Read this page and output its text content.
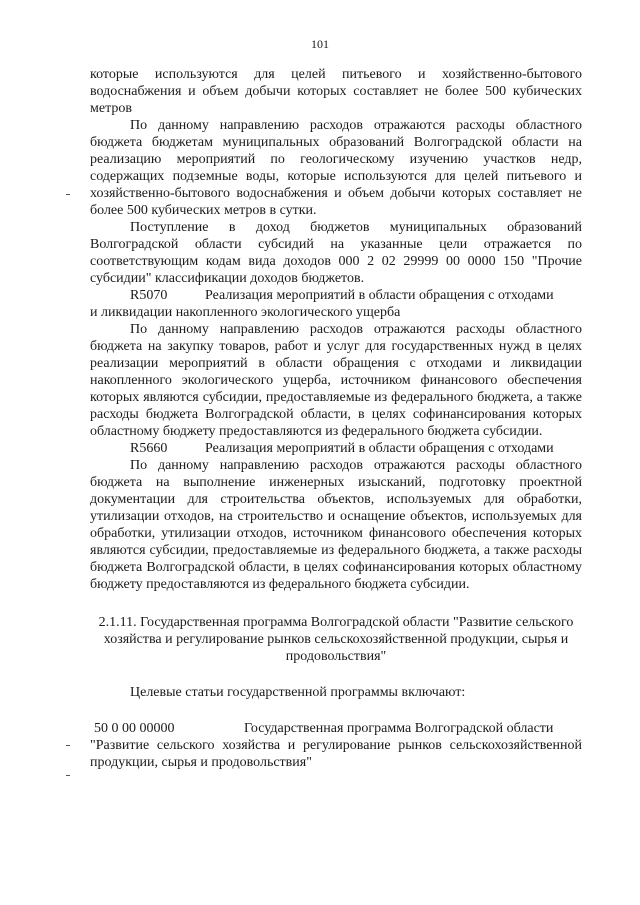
101

которые используются для целей питьевого и хозяйственно-бытового водоснабжения и объем добычи которых составляет не более 500 кубических метров

По данному направлению расходов отражаются расходы областного бюджета бюджетам муниципальных образований Волгоградской области на реализацию мероприятий по геологическому изучению участков недр, содержащих подземные воды, которые используются для целей питьевого и хозяйственно-бытового водоснабжения и объем добычи которых составляет не более 500 кубических метров в сутки.

Поступление в доход бюджетов муниципальных образований Волгоградской области субсидий на указанные цели отражается по соответствующим кодам вида доходов 000 2 02 29999 00 0000 150 "Прочие субсидии" классификации доходов бюджетов.

R5070	Реализация мероприятий в области обращения с отходами

и ликвидации накопленного экологического ущерба

По данному направлению расходов отражаются расходы областного бюджета на закупку товаров, работ и услуг для государственных нужд в целях реализации мероприятий в области обращения с отходами и ликвидации накопленного экологического ущерба, источником финансового обеспечения которых являются субсидии, предоставляемые из федерального бюджета, а также расходы бюджета Волгоградской области, в целях софинансирования которых областному бюджету предоставляются из федерального бюджета субсидии.

R5660	Реализация мероприятий в области обращения с отходами

По данному направлению расходов отражаются расходы областного бюджета на выполнение инженерных изысканий, подготовку проектной документации для строительства объектов, используемых для обработки, утилизации отходов, на строительство и оснащение объектов, используемых для обработки, утилизации отходов, источником финансового обеспечения которых являются субсидии, предоставляемые из федерального бюджета, а также расходы бюджета Волгоградской области, в целях софинансирования которых областному бюджету предоставляются из федерального бюджета субсидии.

2.1.11. Государственная программа Волгоградской области "Развитие сельского хозяйства и регулирование рынков сельскохозяйственной продукции, сырья и продовольствия"

Целевые статьи государственной программы включают:

50 0 00 00000	Государственная программа Волгоградской области

"Развитие сельского хозяйства и регулирование рынков сельскохозяйственной продукции, сырья и продовольствия"
